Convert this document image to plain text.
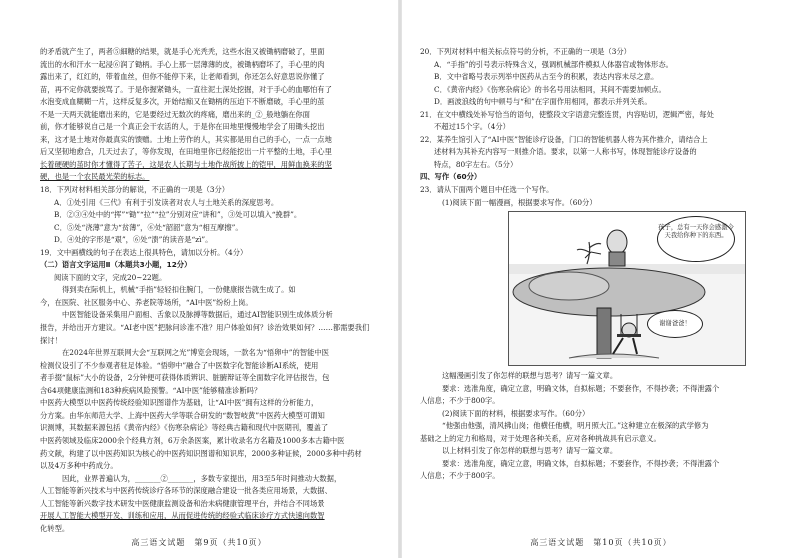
的矛盾就产生了，两者⑤細糖的结果，就是手心光秃秃，这些水泡又被锄柄磨破了，里面
流出的水和汗水一起浸⑥润了锄柄。手心上那一层薄薄的皮，被锄柄磨坏了，手心里的肉
露出来了，红红的，带着血丝，但你不能停下来，让老师看到，你还怎么好意思说你懂了
苗，再不定你就要挨骂了。于是你握紧锄头，一直往泥土深处挖掘，对于手心的血哪怕有了
水泡变成血糊糊一片，这样反复多次，开始结痂又在锄柄的压迫下不断磨破，手心里的茧
不是一天两天就能磨出来的，它是要经过无数次的疼痛，磨出来的_②_般地躺在你面
前，你才能够说自己是一个真正会干农活的人，于是你在田地里慢慢地学会了用锄头挖出
来，这才是土地对你最真实的馈赠。土地上劳作的人，其实都是用自己的手心，一点一点地
后又坚韧地愈合，几天过去了，等你发现，在田地里你已经能挖出一片平整的土地，手心里
长着硬硬的茧时你才懂得了苦子，这是农人长期与土地作战所披上的铠甲，用鲜血换来的坚
硬，也是一个农民最光荣的标志。
18．下列对材料相关部分的解说，不正确的一项是（3分）
A．①处引用《三代》有利于引发读者对农人与土地关系的深度思考。
B．②③④处中的“挥”“锄”“拉”“拉”分别对应“讲和”，③处可以填入“挽群”。
C．⑤处“浇薄”意为“贫薄”，⑥处“韶韶”意为“相互摩擦”。
D．④处的字形是“艰”，⑥处“溃”的读音是“zì”。
19．文中画横线的句子在表达上很具特色，请加以分析。（4分）
（二）语言文字运用Ⅱ（本题共3小题，12分）
阅读下面的文字，完成20~22题。
得到卖在际机上，机械“手指”轻轻扣住腕门，一份健康报告就生成了。如
今，在医院、社区服务中心、养老院等场所，“AI中医”纷纷上岗。
中医智能设备采集用户面相、舌象以及脉搏等数据后，通过AI智能识别生成体质分析
报告，并给出开方建议。“AI老中医”把脉问诊准不准？用户体验如何？诊治效果如何？……都需要我们
探讨！
在2024年世界互联网大会“互联网之光”博览会现场，一款名为“悟卵中”的智能中医
检测仪设引了不少参观者驻足体验。“悟卵中”融合了中医数字化智能诊断AI系统，使用
者手掇“鼠标”大小的设备，2分钟便可获得体质辨识、脏腑辩证等全面数字化评估报告，包
含64项健康监测和183种疾病风险预警。“AI中医”能够精准诊断吗？
中医药大模型以中医药传统经验知识图谱作为基础，让“AI中医”拥有这样的分析能力，
分方案。由华东师范大学、上海中医药大学等联合研发的“数智岐黄”中医药大模型可谓知
识测博，其数据来源包括《黄帝内经》《伤寒杂病论》等经典古籍和现代中医期刊，覆盖了
中医药领域及临床2000余个经典方剂，6万余条医案，累计收录名方名籍及1000多本古籍中医
药文献，构建了以中医药知识为核心的中医药知识图谱和知识库，2000多种证候，2000多种中药材
以及4万多种中药成分。
因此，业界普遍认为，_______②_______，多数专家提出，用3至5年时间推动大数据，
人工智能等新兴技术与中医药传统诊疗各环节的深度融合建设一批各类应用场景，大数据、
人工智能等新兴数字技术研发中医健康监测设备和治未病健康管理平台，并结合不同场景
开展人工智能大模型开发、训练和应用，从而促进传统的经验式临床诊疗方式快速向数智
化转型。
高三语文试题　第9页（共10页）
20．下列对材料中相关标点符号的分析，不正确的一项是（3分）
A．“手指”的引号表示特殊含义，强调机械部件模拟人体器官或物体形态。
B．文中省略号表示列举中医药从古至今的积累，表达内容未尽之意。
C．《黄帝内经》《伤寒杂病论》的书名号用法相同，其间不需要加顿点。
D．画波浪线的句中顿号与“和”在字面作用相同，都表示并列关系。
21．在文中横线处补写恰当的语句，使整段文字语意完整连贯，内容贴切，逻辑严密，每处
不超过15个字。（4分）
22．某养生馆引入了“AI中医”智能诊疗设备，门口的智能机器人将为其作推介，请结合上
述材料为其补充内容写一则推介语。要求，以第一人称书写，体现智能诊疗设备的
特点，80字左右。（5分）
四、写作（60分）
23．请从下面两个题目中任选一个写作。
(1)阅读下面一幅漫画，根据要求写作。（60分）
孩子，总有一天你会感激今天我给你种下的东西。
谢谢爸爸！
这幅漫画引发了你怎样的联想与思考？请写一篇文章。
要求：选准角度，确定立意，明确文体，自拟标题；不要套作，不得抄袭；不得泄露个
人信息；不少于800字。
(2)阅读下面的材料，根据要求写作。（60分）
“他强由他强，清风拂山岗；他横任他横，明月照大江。”这种建立在极深的武学修为
基础之上的定力和格局，对于处理各种关系，应对各种挑战具有启示意义。
以上材料引发了你怎样的联想与思考？请写一篇文章。
要求：选准角度，确定立意，明确文体，自拟标题；不要套作，不得抄袭；不得泄露个
人信息；不少于800字。
高三语文试题　第10页（共10页）
